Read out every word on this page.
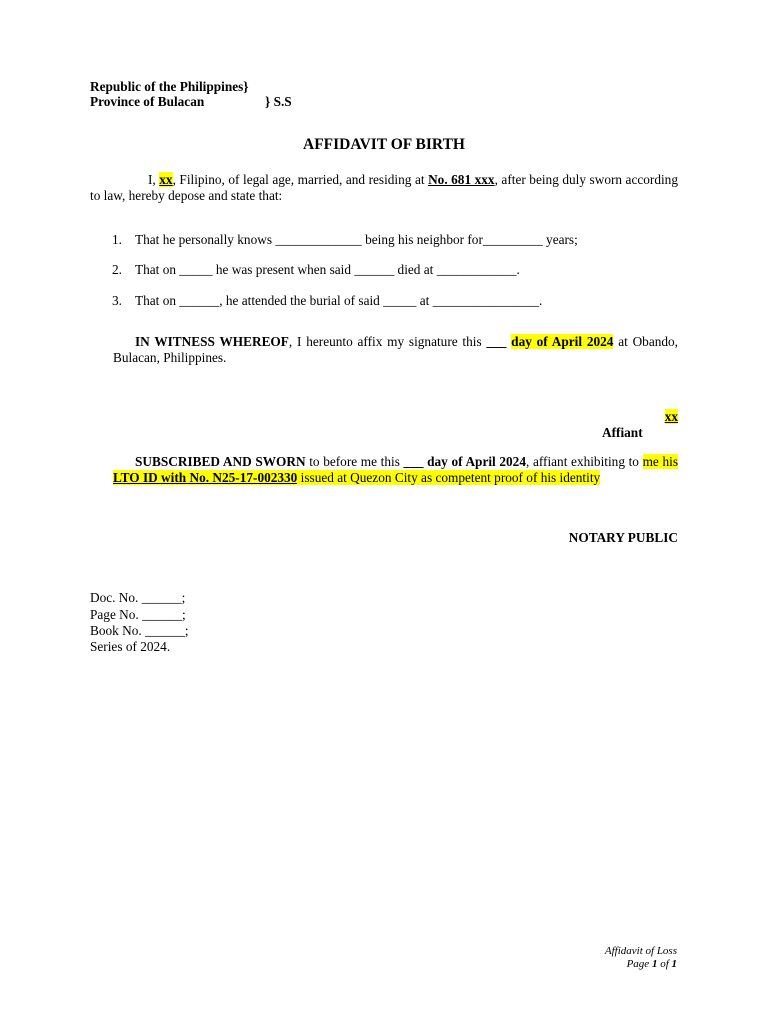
Republic of the Philippines}
Province of Bulacan	} S.S
AFFIDAVIT OF BIRTH
I, xx, Filipino, of legal age, married, and residing at No. 681 xxx, after being duly sworn according to law, hereby depose and state that:
1. That he personally knows _____________ being his neighbor for_________ years;
2. That on _____ he was present when said ______ died at ____________.
3. That on ______, he attended the burial of said _____ at ________________.
IN WITNESS WHEREOF, I hereunto affix my signature this ___ day of April 2024 at Obando, Bulacan, Philippines.
xx
Affiant
SUBSCRIBED AND SWORN to before me this ___ day of April 2024, affiant exhibiting to me his LTO ID with No. N25-17-002330 issued at Quezon City as competent proof of his identity
NOTARY PUBLIC
Doc. No. ______;
Page No. ______;
Book No. ______;
Series of 2024.
Affidavit of Loss
Page 1 of 1
